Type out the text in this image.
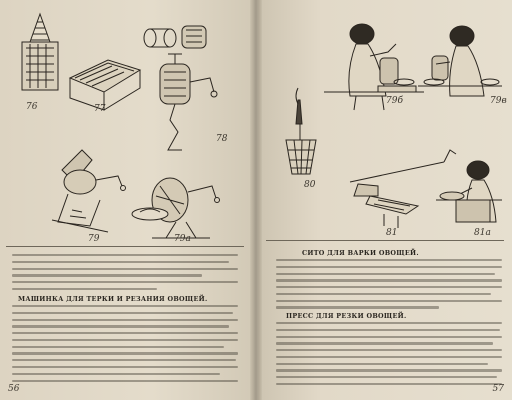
76	77
78
79	79а
МАШИНКА ДЛЯ ТЕРКИ И РЕЗАНИЯ ОВОЩЕЙ.
56
79б	79в
80
81	81а
СИТО ДЛЯ ВАРКИ ОВОЩЕЙ.
ПРЕСС ДЛЯ РЕЗКИ ОВОЩЕЙ.
57
